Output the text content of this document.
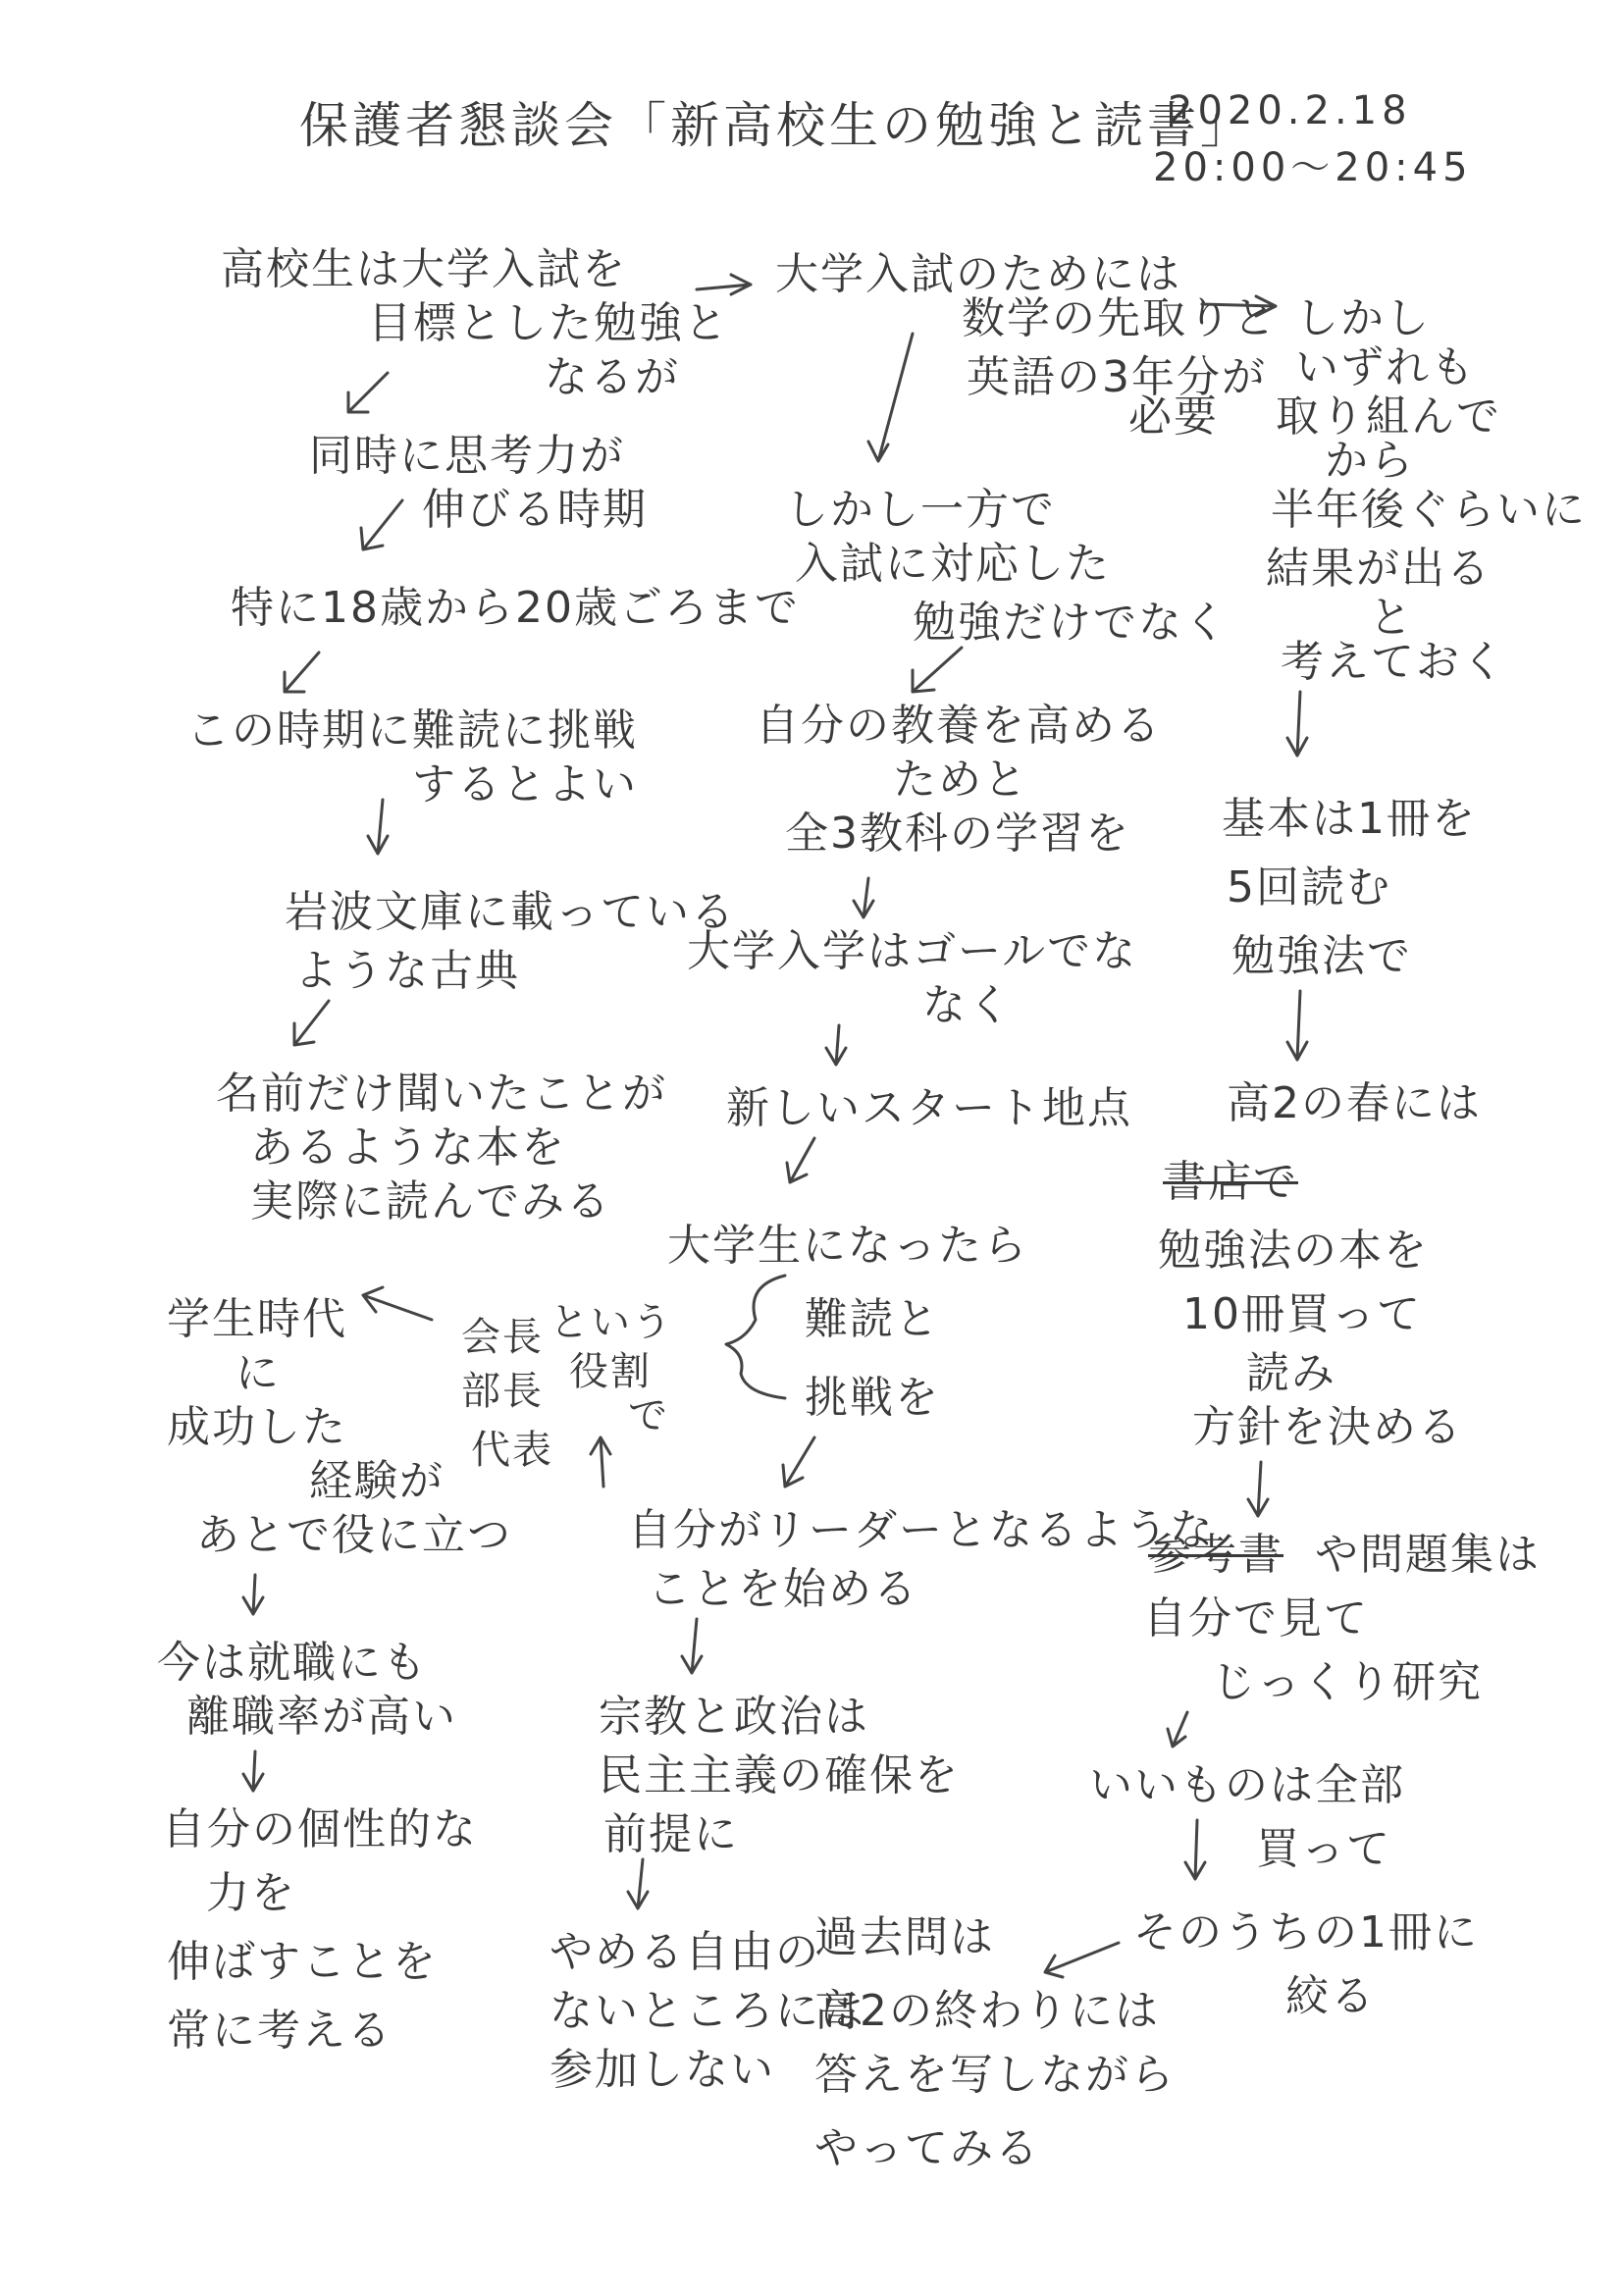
保護者懇談会「新高校生の勉強と読書」
2020.2.18
20:00〜20:45
高校生は大学入試を
目標とした勉強と
なるが
同時に思考力が
伸びる時期
特に18歳から20歳ごろまで
この時期に難読に挑戦
するとよい
岩波文庫に載っている
ような古典
名前だけ聞いたことが
あるような本を
実際に読んでみる
学生時代
に
成功した
経験が
あとで役に立つ
今は就職にも
離職率が高い
自分の個性的な
力を
伸ばすことを
常に考える
会長 という
役割
部長
で
代表
大学入試のためには
数学の先取りと
英語の3年分が
必要
しかし一方で
入試に対応した
勉強だけでなく
自分の教養を高める
ためと
全3教科の学習を
大学入学はゴールでな
なく
新しいスタート地点
大学生になったら
難読と
挑戦を
自分がリーダーとなるような
ことを始める
宗教と政治は
民主主義の確保を
前提に
やめる自由の
ないところには
参加しない
しかし
いずれも
取り組んで
から
半年後ぐらいに
結果が出る
と
考えておく
基本は1冊を
5回読む
勉強法で
高2の春には
書店で
勉強法の本を
10冊買って
読み
方針を決める
参考書 や問題集は
自分で見て
じっくり研究
いいものは全部
買って
そのうちの1冊に
絞る
過去問は
高2の終わりには
答えを写しながら
やってみる
